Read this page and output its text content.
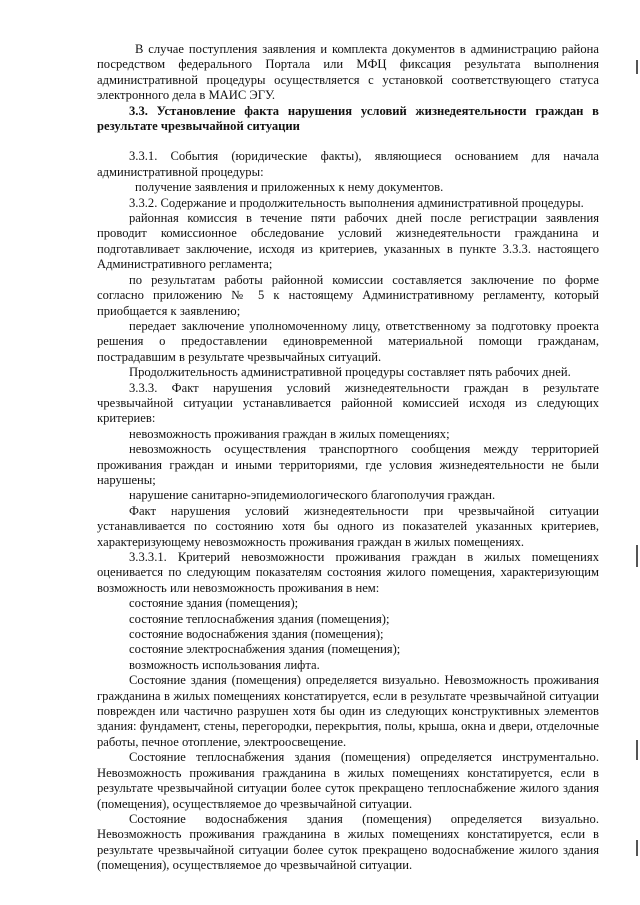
В случае поступления заявления и комплекта документов в администрацию района посредством федерального Портала или МФЦ фиксация результата выполнения административной процедуры осуществляется с установкой соответствующего статуса электронного дела в МАИС ЭГУ.

3.3. Установление факта нарушения условий жизнедеятельности граждан в результате чрезвычайной ситуации

3.3.1. События (юридические факты), являющиеся основанием для начала административной процедуры:

получение заявления и приложенных к нему документов.

3.3.2. Содержание и продолжительность выполнения административной процедуры.

районная комиссия в течение пяти рабочих дней после регистрации заявления проводит комиссионное обследование условий жизнедеятельности гражданина и подготавливает заключение, исходя из критериев, указанных в пункте 3.3.3. настоящего Административного регламента;

по результатам работы районной комиссии составляется заключение по форме согласно приложению № 5 к настоящему Административному регламенту, который приобщается к заявлению;

передает заключение уполномоченному лицу, ответственному за подготовку проекта решения о предоставлении единовременной материальной помощи гражданам, пострадавшим в результате чрезвычайных ситуаций.

Продолжительность административной процедуры составляет пять рабочих дней.

3.3.3. Факт нарушения условий жизнедеятельности граждан в результате чрезвычайной ситуации устанавливается районной комиссией исходя из следующих критериев:

невозможность проживания граждан в жилых помещениях;

невозможность осуществления транспортного сообщения между территорией проживания граждан и иными территориями, где условия жизнедеятельности не были нарушены;

нарушение санитарно-эпидемиологического благополучия граждан.

Факт нарушения условий жизнедеятельности при чрезвычайной ситуации устанавливается по состоянию хотя бы одного из показателей указанных критериев, характеризующему невозможность проживания граждан в жилых помещениях.

3.3.3.1. Критерий невозможности проживания граждан в жилых помещениях оценивается по следующим показателям состояния жилого помещения, характеризующим возможность или невозможность проживания в нем:

состояние здания (помещения);

состояние теплоснабжения здания (помещения);

состояние водоснабжения здания (помещения);

состояние электроснабжения здания (помещения);

возможность использования лифта.

Состояние здания (помещения) определяется визуально. Невозможность проживания гражданина в жилых помещениях констатируется, если в результате чрезвычайной ситуации поврежден или частично разрушен хотя бы один из следующих конструктивных элементов здания: фундамент, стены, перегородки, перекрытия, полы, крыша, окна и двери, отделочные работы, печное отопление, электроосвещение.

Состояние теплоснабжения здания (помещения) определяется инструментально. Невозможность проживания гражданина в жилых помещениях констатируется, если в результате чрезвычайной ситуации более суток прекращено теплоснабжение жилого здания (помещения), осуществляемое до чрезвычайной ситуации.

Состояние водоснабжения здания (помещения) определяется визуально. Невозможность проживания гражданина в жилых помещениях констатируется, если в результате чрезвычайной ситуации более суток прекращено водоснабжение жилого здания (помещения), осуществляемое до чрезвычайной ситуации.
